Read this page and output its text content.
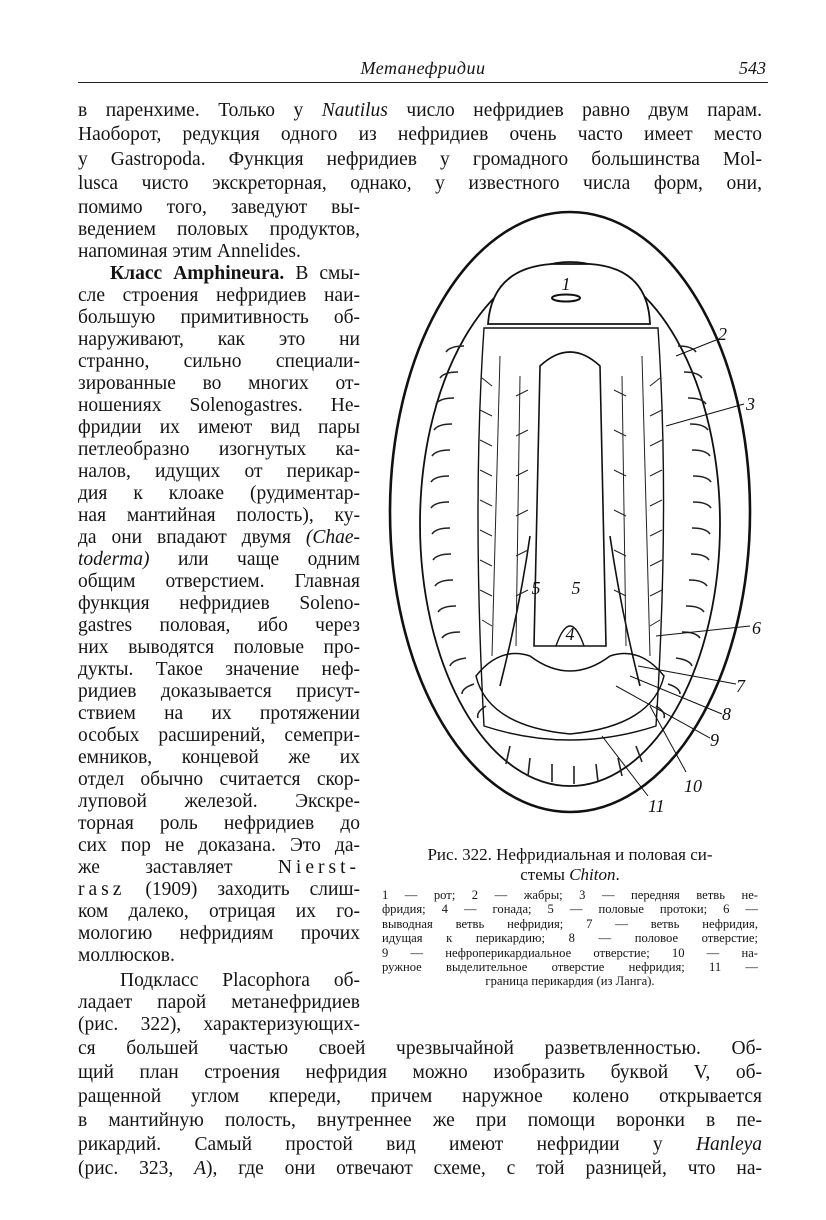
Метанефридии	543
в паренхиме. Только у Nautilus число нефридиев равно двум парам.
Наоборот, редукция одного из нефридиев очень часто имеет место
у Gastropoda. Функция нефридиев у громадного большинства Mol-
lusca чисто экскреторная, однако, у известного числа форм, они,
помимо того, заведуют вы-
ведением половых продуктов,
напоминая этим Annelides.
Класс Amphineura. В смы-
сле строения нефридиев наи-
большую примитивность об-
наруживают, как это ни
странно, сильно специали-
зированные во многих от-
ношениях Solenogastres. Не-
фридии их имеют вид пары
петлеобразно изогнутых ка-
налов, идущих от перикар-
дия к клоаке (рудиментар-
ная мантийная полость), ку-
да они впадают двумя (Chae-
toderma) или чаще одним
общим отверстием. Главная
функция нефридиев Soleno-
gastres половая, ибо через
них выводятся половые про-
дукты. Такое значение неф-
ридиев доказывается присут-
ствием на их протяжении
особых расширений, семепри-
емников, концевой же их
отдел обычно считается скор-
луповой железой. Экскре-
торная роль нефридиев до
сих пор не доказана. Это да-
же заставляет Nierst-
rasz (1909) заходить слиш-
ком далеко, отрицая их го-
мологию нефридиям прочих
моллюсков.
Подкласс Placophora об-
ладает парой метанефридиев
(рис. 322), характеризующих-
ся большей частью своей чрезвычайной разветвленностью. Об-
щий план строения нефридия можно изобразить буквой V, об-
ращенной углом кпереди, причем наружное колено открывается
в мантийную полость, внутреннее же при помощи воронки в пе-
рикардий. Самый простой вид имеют нефридии у Hanleya
(рис. 323, A), где они отвечают схеме, с той разницей, что на-
1
2
3
4
5 5
6
7
8
9
10
11
Рис. 322. Нефридиальная и половая си-
стемы Chiton.
1 — рот; 2 — жабры; 3 — передняя ветвь не-
фридия; 4 — гонада; 5 — половые протоки; 6 —
выводная ветвь нефридия; 7 — ветвь нефридия,
идущая к перикардию; 8 — половое отверстие;
9 — нефроперикардиальное отверстие; 10 — на-
ружное выделительное отверстие нефридия; 11 —
граница перикардия (из Ланга).
